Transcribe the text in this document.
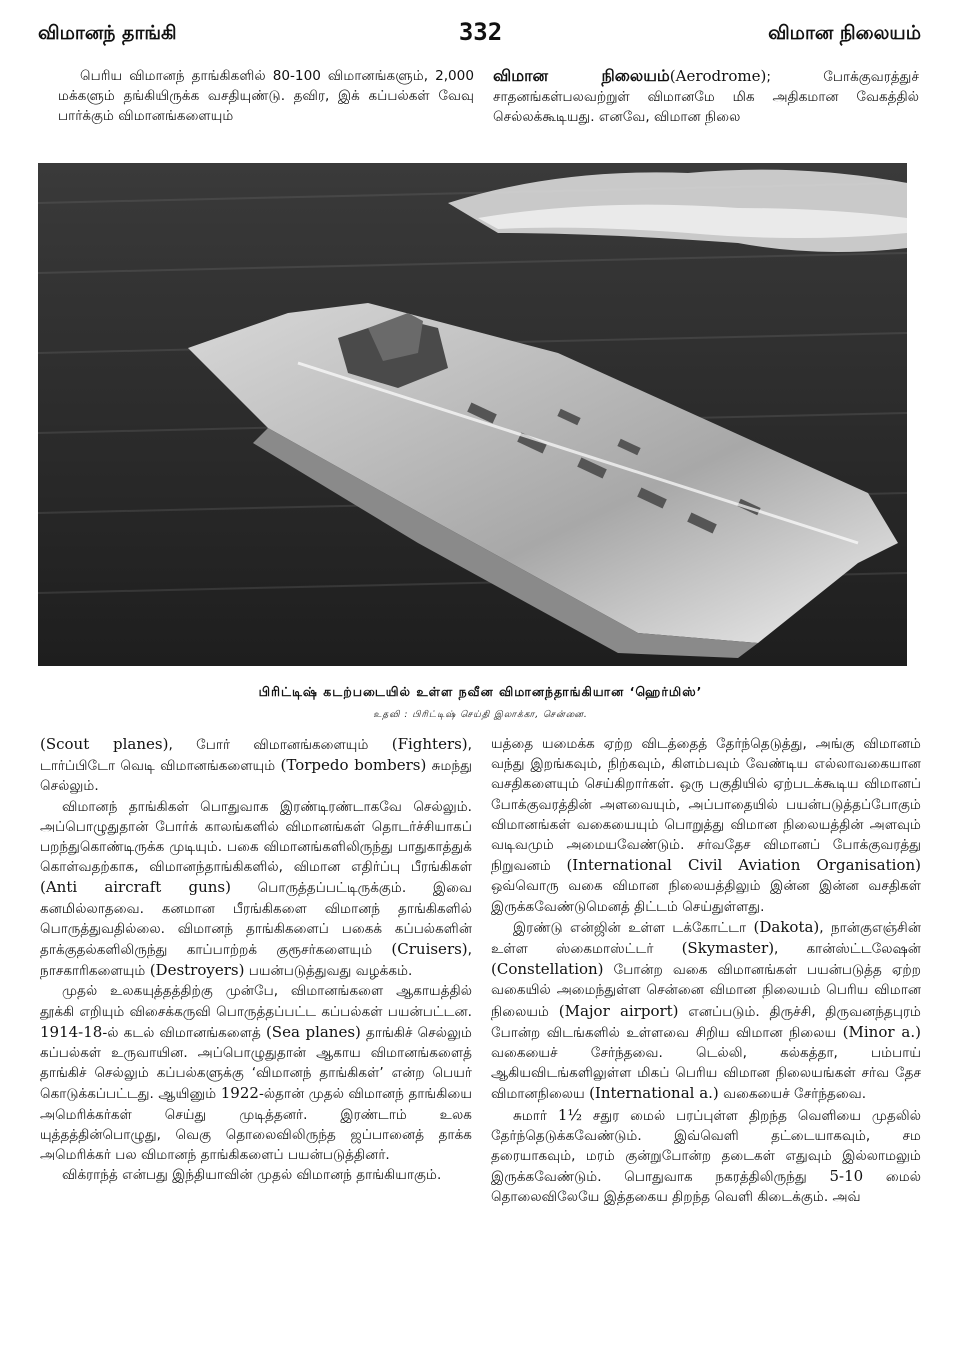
விமானந் தாங்கி	332	விமான நிலையம்

பெரிய விமானந் தாங்கிகளில் 80-100 விமானங்களும், 2,000 மக்களும் தங்கியிருக்க வசதியுண்டு. தவிர, இக் கப்பல்கள் வேவு பார்க்கும் விமானங்களையும்

விமான நிலையம்(Aerodrome); போக்குவரத்துச் சாதனங்கள்பலவற்றுள் விமானமே மிக அதிகமான வேகத்தில் செல்லக்கூடியது. எனவே, விமான நிலை

பிரிட்டிஷ் கடற்படையில் உள்ள நவீன விமானந்தாங்கியான ‘ஹெர்மிஸ்’
உதவி : பிரிட்டிஷ் செய்தி இலாக்கா, சென்னை.

(Scout planes), போர் விமானங்களையும் (Fighters), டார்ப்பிடோ வெடி விமானங்களையும் (Torpedo bombers) சுமந்து செல்லும்.

விமானந் தாங்கிகள் பொதுவாக இரண்டிரண்டாகவே செல்லும். அப்பொழுதுதான் போர்க் காலங்களில் விமானங்கள் தொடர்ச்சியாகப் பறந்துகொண்டிருக்க முடியும். பகை விமானங்களிலிருந்து பாதுகாத்துக் கொள்வதற்காக, விமானந்தாங்கிகளில், விமான எதிர்ப்பு பீரங்கிகள் (Anti aircraft guns) பொருத்தப்பட்டிருக்கும். இவை கனமில்லாதவை. கனமான பீரங்கிகளை விமானந் தாங்கிகளில் பொருத்துவதில்லை. விமானந் தாங்கிகளைப் பகைக் கப்பல்களின் தாக்குதல்களிலிருந்து காப்பாற்றக் குரூசர்களையும் (Cruisers), நாசகாரிகளையும் (Destroyers) பயன்படுத்துவது வழக்கம்.

முதல் உலகயுத்தத்திற்கு முன்பே, விமானங்களை ஆகாயத்தில் தூக்கி எறியும் விசைக்கருவி பொருத்தப்பட்ட கப்பல்கள் பயன்பட்டன. 1914-18-ல் கடல் விமானங்களைத் (Sea planes) தாங்கிச் செல்லும் கப்பல்கள் உருவாயின. அப்பொழுதுதான் ஆகாய விமானங்களைத் தாங்கிச் செல்லும் கப்பல்களுக்கு ‘விமானந் தாங்கிகள்’ என்ற பெயர் கொடுக்கப்பட்டது. ஆயினும் 1922-ல்தான் முதல் விமானந் தாங்கியை அமெரிக்கர்கள் செய்து முடித்தனர். இரண்டாம் உலக யுத்தத்தின்பொழுது, வெகு தொலைவிலிருந்த ஜப்பானைத் தாக்க அமெரிக்கர் பல விமானந் தாங்கிகளைப் பயன்படுத்தினர்.

விக்ராந்த் என்பது இந்தியாவின் முதல் விமானந் தாங்கியாகும்.

யத்தை யமைக்க ஏற்ற விடத்தைத் தேர்ந்தெடுத்து, அங்கு விமானம் வந்து இறங்கவும், நிற்கவும், கிளம்பவும் வேண்டிய எல்லாவகையான வசதிகளையும் செய்கிறார்கள். ஒரு பகுதியில் ஏற்படக்கூடிய விமானப் போக்குவரத்தின் அளவையும், அப்பாதையில் பயன்படுத்தப்போகும் விமானங்கள் வகையையும் பொறுத்து விமான நிலையத்தின் அளவும் வடிவமும் அமையவேண்டும். சர்வதேச விமானப் போக்குவரத்து நிறுவனம் (International Civil Aviation Organisation) ஒவ்வொரு வகை விமான நிலையத்திலும் இன்ன இன்ன வசதிகள் இருக்கவேண்டுமெனத் திட்டம் செய்துள்ளது.

இரண்டு என்ஜின் உள்ள டக்கோட்டா (Dakota), நான்குஎஞ்சின் உள்ள ஸ்கைமாஸ்ட்டர் (Skymaster), கான்ஸ்ட்டலேஷன் (Constellation) போன்ற வகை விமானங்கள் பயன்படுத்த ஏற்ற வகையில் அமைந்துள்ள சென்னை விமான நிலையம் பெரிய விமான நிலையம் (Major airport) எனப்படும். திருச்சி, திருவனந்தபுரம் போன்ற விடங்களில் உள்ளவை சிறிய விமான நிலைய (Minor a.) வகையைச் சேர்ந்தவை. டெல்லி, கல்கத்தா, பம்பாய் ஆகியவிடங்களிலுள்ள மிகப் பெரிய விமான நிலையங்கள் சர்வ தேச விமானநிலைய (International a.) வகையைச் சேர்ந்தவை.

சுமார் 1½ சதுர மைல் பரப்புள்ள திறந்த வெளியை முதலில் தேர்ந்தெடுக்கவேண்டும். இவ்வெளி தட்டையாகவும், சம தரையாகவும், மரம் குன்றுபோன்ற தடைகள் எதுவும் இல்லாமலும் இருக்கவேண்டும். பொதுவாக நகரத்திலிருந்து 5-10 மைல் தொலைவிலேயே இத்தகைய திறந்த வெளி கிடைக்கும். அவ்
